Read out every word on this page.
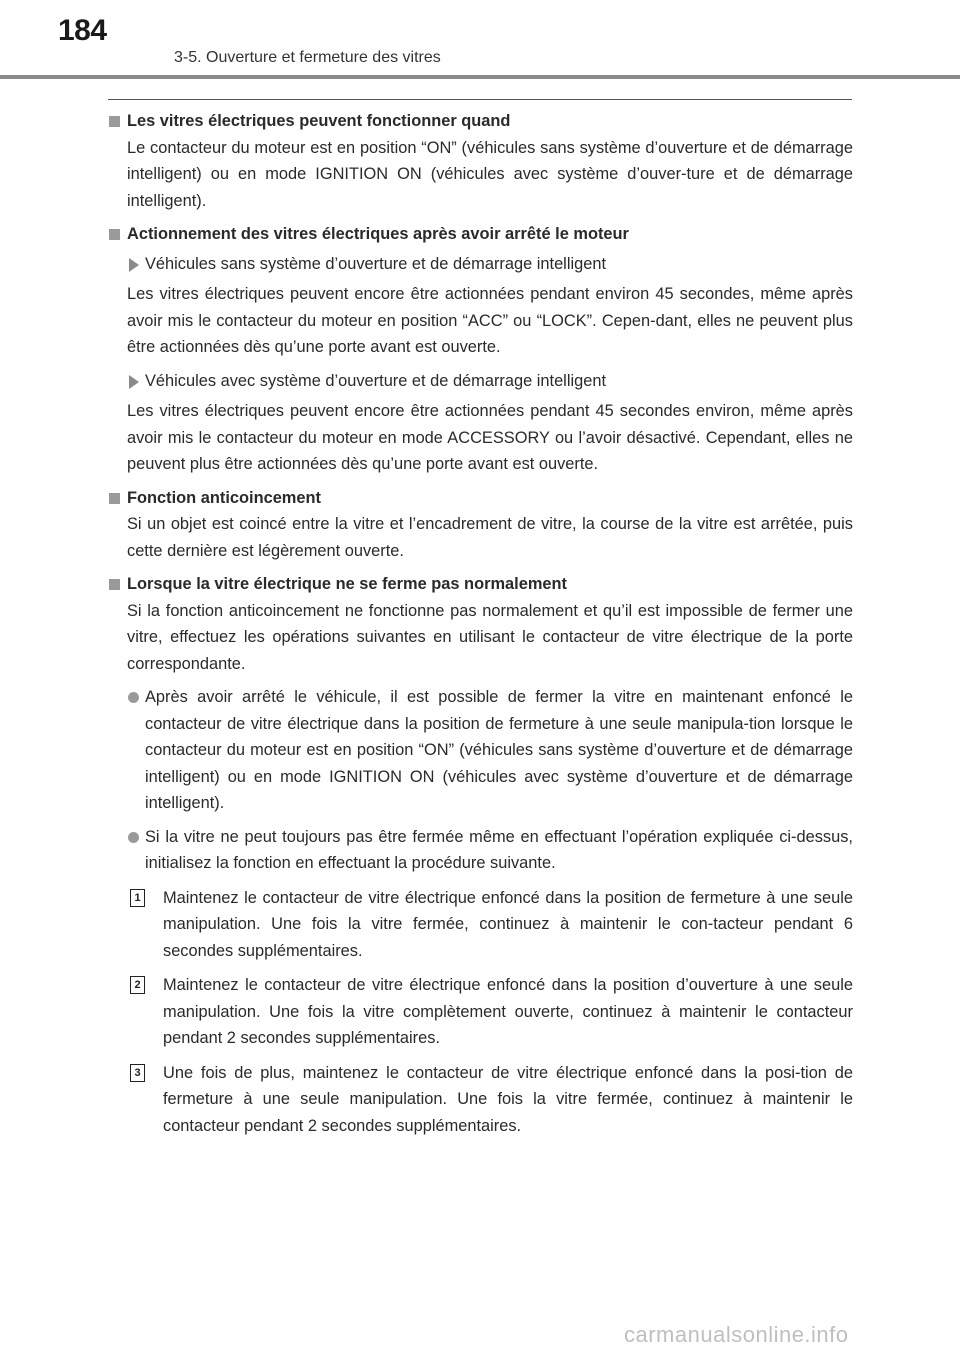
184
3-5. Ouverture et fermeture des vitres

Les vitres électriques peuvent fonctionner quand

Le contacteur du moteur est en position “ON” (véhicules sans système d’ouverture et de démarrage intelligent) ou en mode IGNITION ON (véhicules avec système d’ouver-ture et de démarrage intelligent).

Actionnement des vitres électriques après avoir arrêté le moteur

Véhicules sans système d’ouverture et de démarrage intelligent

Les vitres électriques peuvent encore être actionnées pendant environ 45 secondes, même après avoir mis le contacteur du moteur en position “ACC” ou “LOCK”. Cepen-dant, elles ne peuvent plus être actionnées dès qu’une porte avant est ouverte.

Véhicules avec système d’ouverture et de démarrage intelligent

Les vitres électriques peuvent encore être actionnées pendant 45 secondes environ, même après avoir mis le contacteur du moteur en mode ACCESSORY ou l’avoir désactivé. Cependant, elles ne peuvent plus être actionnées dès qu’une porte avant est ouverte.

Fonction anticoincement

Si un objet est coincé entre la vitre et l’encadrement de vitre, la course de la vitre est arrêtée, puis cette dernière est légèrement ouverte.

Lorsque la vitre électrique ne se ferme pas normalement

Si la fonction anticoincement ne fonctionne pas normalement et qu’il est impossible de fermer une vitre, effectuez les opérations suivantes en utilisant le contacteur de vitre électrique de la porte correspondante.

Après avoir arrêté le véhicule, il est possible de fermer la vitre en maintenant enfoncé le contacteur de vitre électrique dans la position de fermeture à une seule manipula-tion lorsque le contacteur du moteur est en position “ON” (véhicules sans système d’ouverture et de démarrage intelligent) ou en mode IGNITION ON (véhicules avec système d’ouverture et de démarrage intelligent).

Si la vitre ne peut toujours pas être fermée même en effectuant l’opération expliquée ci-dessus, initialisez la fonction en effectuant la procédure suivante.

1 Maintenez le contacteur de vitre électrique enfoncé dans la position de fermeture à une seule manipulation. Une fois la vitre fermée, continuez à maintenir le con-tacteur pendant 6 secondes supplémentaires.

2 Maintenez le contacteur de vitre électrique enfoncé dans la position d’ouverture à une seule manipulation. Une fois la vitre complètement ouverte, continuez à maintenir le contacteur pendant 2 secondes supplémentaires.

3 Une fois de plus, maintenez le contacteur de vitre électrique enfoncé dans la posi-tion de fermeture à une seule manipulation. Une fois la vitre fermée, continuez à maintenir le contacteur pendant 2 secondes supplémentaires.

carmanualsonline.info
